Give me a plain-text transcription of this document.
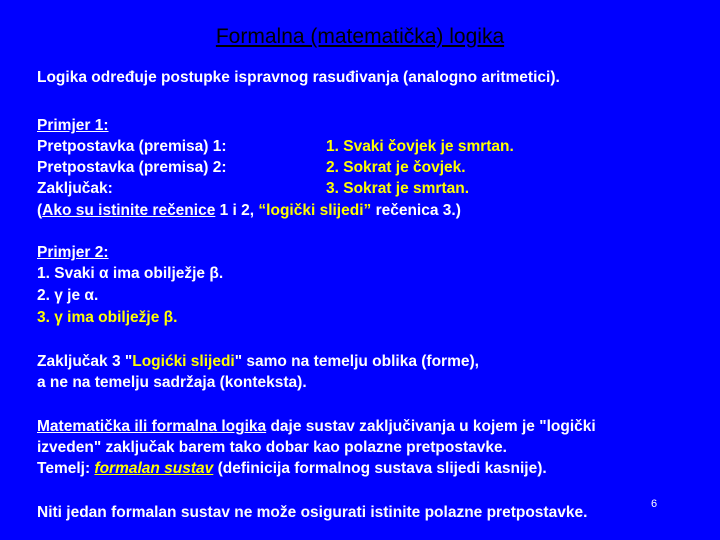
Formalna (matematička) logika
Logika određuje postupke ispravnog rasuđivanja (analogno aritmetici).
Primjer 1:
Pretpostavka (premisa) 1:	1. Svaki čovjek je smrtan.
Pretpostavka (premisa) 2:	2. Sokrat je čovjek.
Zaključak:	3. Sokrat je smrtan.
(Ako su istinite rečenice 1 i 2, “logički slijedi” rečenica 3.)
Primjer 2:
1. Svaki α ima obilježje β.
2. γ je α.
3. γ ima obilježje β.
Zaključak 3 "Logićki slijedi" samo na temelju oblika (forme),
a ne na temelju sadržaja (konteksta).
Matematička ili formalna logika daje sustav zaključivanja u kojem je "logički
izveden" zaključak barem tako dobar kao polazne pretpostavke.
Temelj: formalan sustav (definicija formalnog sustava slijedi kasnije).
Niti jedan formalan sustav ne može osigurati istinite polazne pretpostavke.	6
